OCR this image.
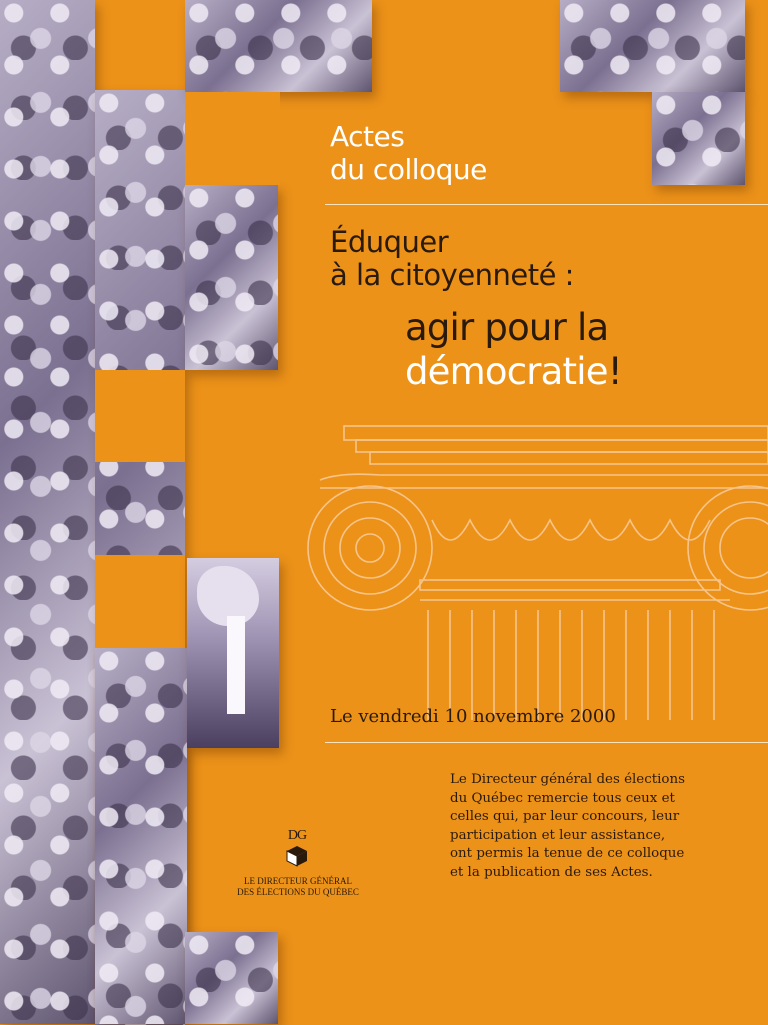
Actes
du colloque
Éduquer
à la citoyenneté :
agir pour la
démocratie!
Le vendredi 10 novembre 2000
Le Directeur général des élections
du Québec remercie tous ceux et
celles qui, par leur concours, leur
participation et leur assistance,
ont permis la tenue de ce colloque
et la publication de ses Actes.
DG
LE DIRECTEUR GÉNÉRAL
DES ÉLECTIONS DU QUÉBEC
